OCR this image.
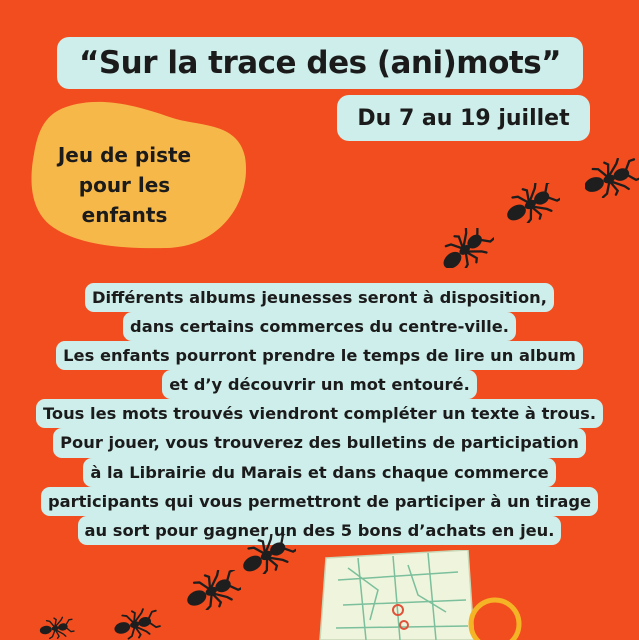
“Sur la trace des (ani)mots”
Du 7 au 19 juillet
Jeu de piste
pour les
enfants
Différents albums jeunesses seront à disposition,
dans certains commerces du centre-ville.
Les enfants pourront prendre le temps de lire un album
et d’y découvrir un mot entouré.
Tous les mots trouvés viendront compléter un texte à trous.
Pour jouer, vous trouverez des bulletins de participation
à la Librairie du Marais et dans chaque commerce
participants qui vous permettront de participer à un tirage
au sort pour gagner un des 5 bons d’achats en jeu.
